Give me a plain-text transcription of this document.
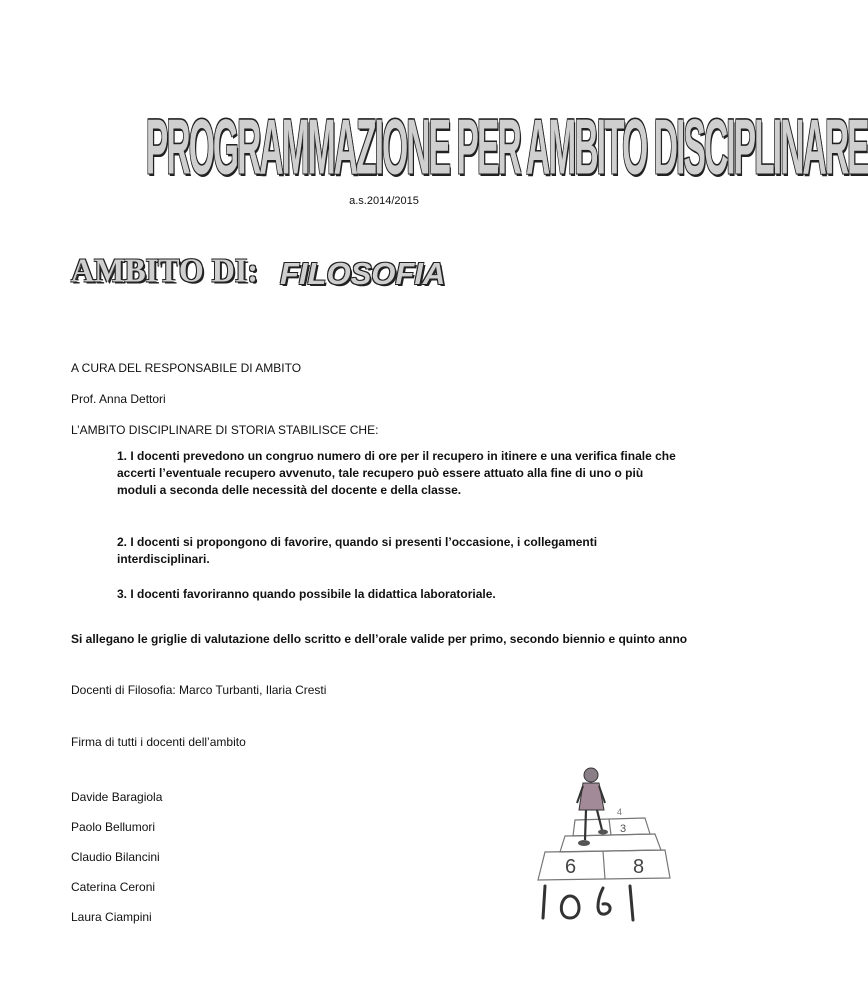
PROGRAMMAZIONE PER AMBITO DISCIPLINARE
a.s.2014/2015
AMBITO DI: FILOSOFIA
A CURA DEL RESPONSABILE DI AMBITO
Prof. Anna Dettori
L’AMBITO DISCIPLINARE DI STORIA STABILISCE CHE:
1. I docenti prevedono un congruo numero di ore per il recupero in itinere e una verifica finale che accerti l’eventuale recupero avvenuto, tale recupero può essere attuato alla fine di uno o più moduli a seconda delle necessità del docente e della classe.
2. I docenti si propongono di favorire, quando si presenti l’occasione, i collegamenti interdisciplinari.
3. I docenti favoriranno quando possibile la didattica laboratoriale.
Si allegano le griglie di valutazione dello scritto e dell’orale valide per primo, secondo biennio e quinto anno
Docenti di Filosofia: Marco Turbanti, Ilaria Cresti
Firma di tutti i docenti dell’ambito
Davide Baragiola
Paolo Bellumori
Claudio Bilancini
Caterina Ceroni
Laura Ciampini
3
4
6	8
